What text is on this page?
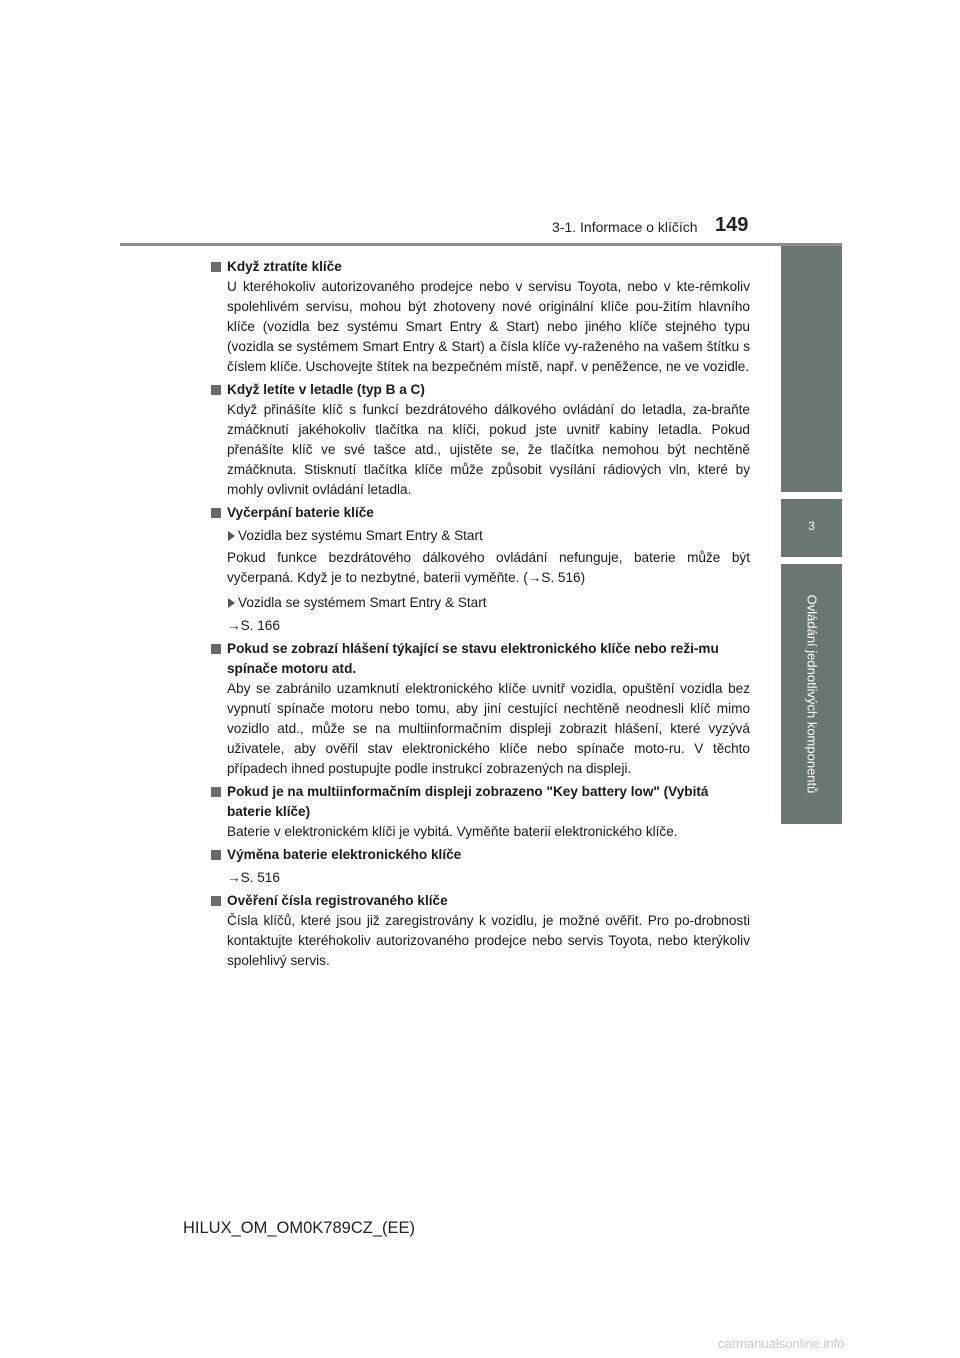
3-1. Informace o klíčích 149
3
Ovládání jednotlivých komponentů
Když ztratíte klíče
U kteréhokoliv autorizovaného prodejce nebo v servisu Toyota, nebo v kte-rémkoliv spolehlivém servisu, mohou být zhotoveny nové originální klíče pou-žitím hlavního klíče (vozidla bez systému Smart Entry & Start) nebo jiného klíče stejného typu (vozidla se systémem Smart Entry & Start) a čísla klíče vy-raženého na vašem štítku s číslem klíče. Uschovejte štítek na bezpečném místě, např. v peněžence, ne ve vozidle.
Když letíte v letadle (typ B a C)
Když přinášíte klíč s funkcí bezdrátového dálkového ovládání do letadla, za-braňte zmáčknutí jakéhokoliv tlačítka na klíči, pokud jste uvnitř kabiny letadla. Pokud přenášíte klíč ve své tašce atd., ujistěte se, že tlačítka nemohou být nechtěně zmáčknuta. Stisknutí tlačítka klíče může způsobit vysílání rádiových vln, které by mohly ovlivnit ovládání letadla.
Vyčerpání baterie klíče
Vozidla bez systému Smart Entry & Start
Pokud funkce bezdrátového dálkového ovládání nefunguje, baterie může být vyčerpaná. Když je to nezbytné, baterii vyměňte. (→S. 516)
Vozidla se systémem Smart Entry & Start
→S. 166
Pokud se zobrazí hlášení týkající se stavu elektronického klíče nebo reži-mu spínače motoru atd.
Aby se zabránilo uzamknutí elektronického klíče uvnitř vozidla, opuštění vozidla bez vypnutí spínače motoru nebo tomu, aby jiní cestující nechtěně neodnesli klíč mimo vozidlo atd., může se na multiinformačním displeji zobrazit hlášení, které vyzývá uživatele, aby ověřil stav elektronického klíče nebo spínače moto-ru. V těchto případech ihned postupujte podle instrukcí zobrazených na displeji.
Pokud je na multiinformačním displeji zobrazeno "Key battery low" (Vybitá baterie klíče)
Baterie v elektronickém klíči je vybitá. Vyměňte baterii elektronického klíče.
Výměna baterie elektronického klíče
→S. 516
Ověření čísla registrovaného klíče
Čísla klíčů, které jsou již zaregistrovány k vozidlu, je možné ověřit. Pro po-drobnosti kontaktujte kteréhokoliv autorizovaného prodejce nebo servis Toyota, nebo kterýkoliv spolehlivý servis.
HILUX_OM_OM0K789CZ_(EE)
carmanualsonline.info
